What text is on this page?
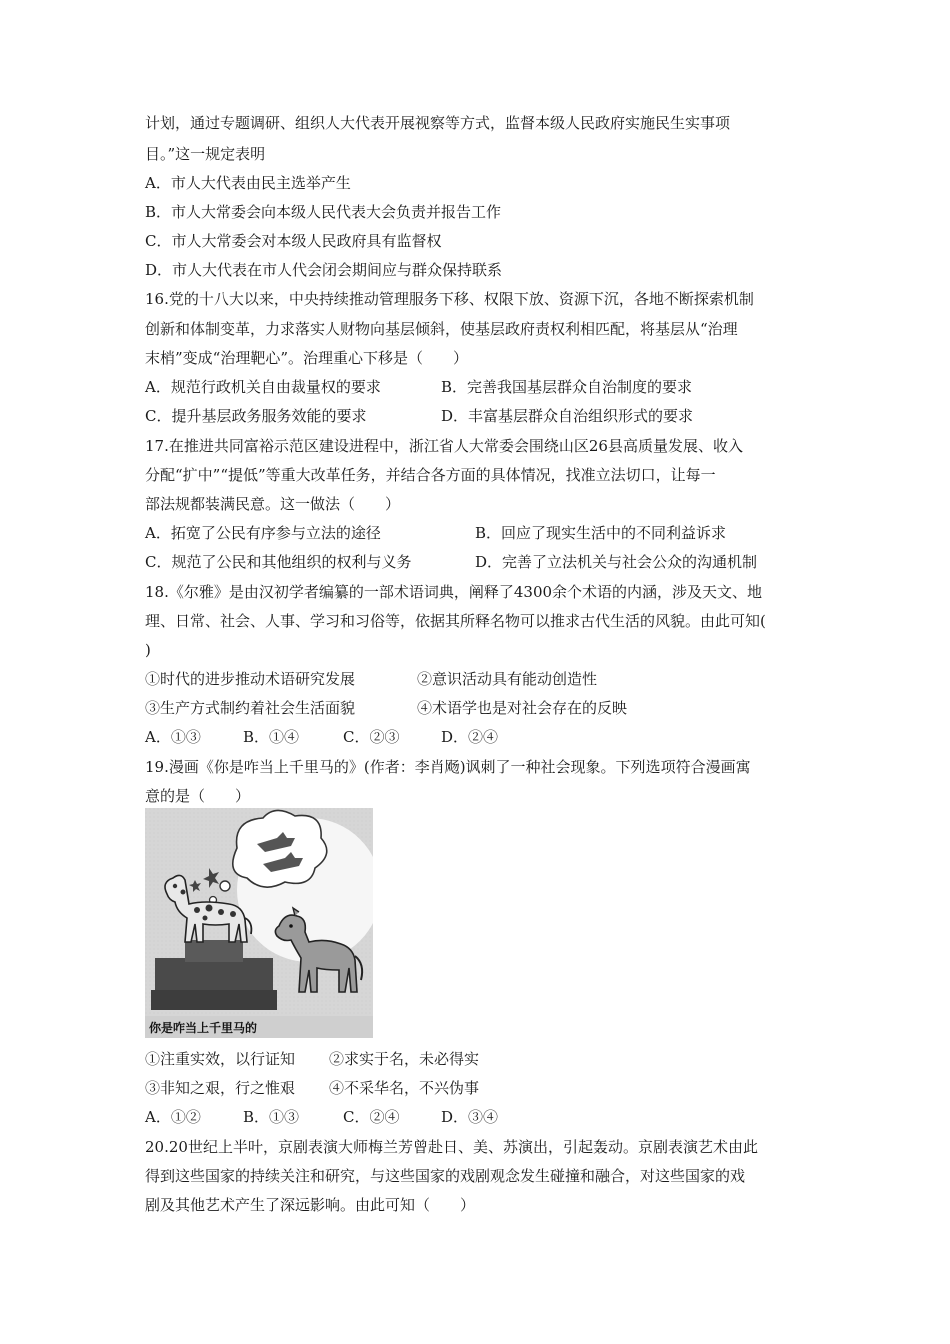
计划，通过专题调研、组织人大代表开展视察等方式，监督本级人民政府实施民生实事项
目。”这一规定表明
A．市人大代表由民主选举产生
B．市人大常委会向本级人民代表大会负责并报告工作
C．市人大常委会对本级人民政府具有监督权
D．市人大代表在市人代会闭会期间应与群众保持联系
16.党的十八大以来，中央持续推动管理服务下移、权限下放、资源下沉，各地不断探索机制
创新和体制变革，力求落实人财物向基层倾斜，使基层政府责权利相匹配，将基层从“治理
末梢”变成“治理靶心”。治理重心下移是（　　）
A．规范行政机关自由裁量权的要求	B．完善我国基层群众自治制度的要求
C．提升基层政务服务效能的要求	D．丰富基层群众自治组织形式的要求
17.在推进共同富裕示范区建设进程中，浙江省人大常委会围绕山区26县高质量发展、收入
分配“扩中”“提低”等重大改革任务，并结合各方面的具体情况，找准立法切口，让每一
部法规都装满民意。这一做法（　　）
A．拓宽了公民有序参与立法的途径	B．回应了现实生活中的不同利益诉求
C．规范了公民和其他组织的权利与义务	D．完善了立法机关与社会公众的沟通机制
18.《尔雅》是由汉初学者编纂的一部术语词典，阐释了4300余个术语的内涵，涉及天文、地
理、日常、社会、人事、学习和习俗等，依据其所释名物可以推求古代生活的风貌。由此可知(
)
①时代的进步推动术语研究发展	②意识活动具有能动创造性
③生产方式制约着社会生活面貌	④术语学也是对社会存在的反映
A．①③	B．①④	C．②③	D．②④
19.漫画《你是咋当上千里马的》(作者：李肖飏)讽刺了一种社会现象。下列选项符合漫画寓
意的是（　　）
你是咋当上千里马的
①注重实效，以行证知 ②求实于名，未必得实
③非知之艰，行之惟艰 ④不采华名，不兴伪事
A．①②	B．①③	C．②④	D．③④
20.20世纪上半叶，京剧表演大师梅兰芳曾赴日、美、苏演出，引起轰动。京剧表演艺术由此
得到这些国家的持续关注和研究，与这些国家的戏剧观念发生碰撞和融合，对这些国家的戏
剧及其他艺术产生了深远影响。由此可知（　　）
